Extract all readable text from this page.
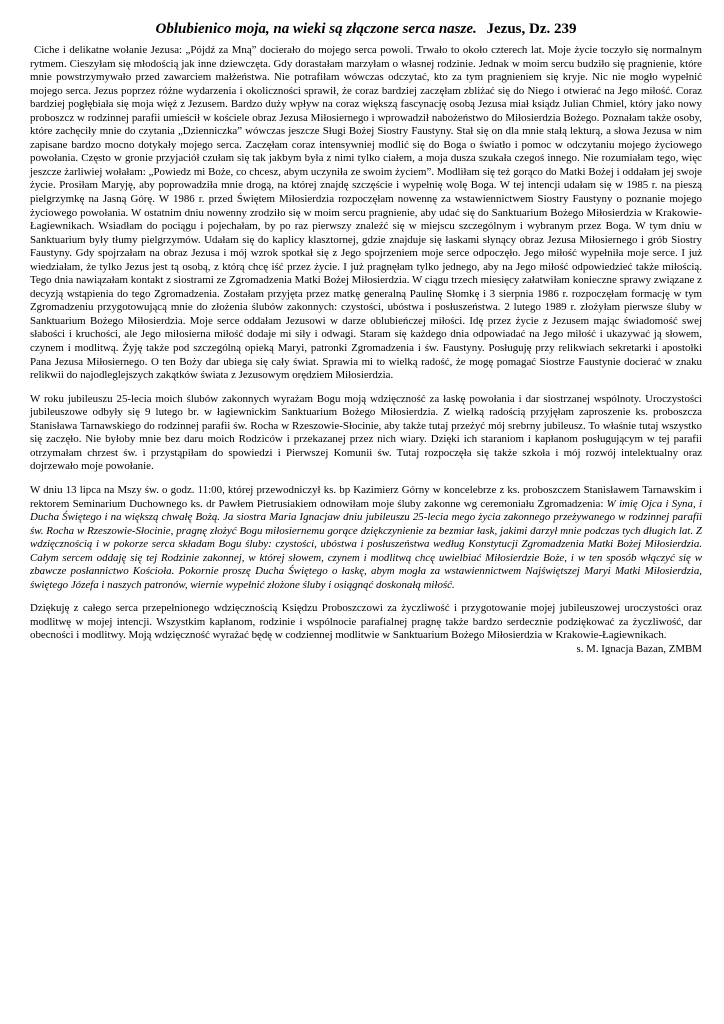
Oblubienico moja, na wieki są złączone serca nasze. Jezus, Dz. 239

Ciche i delikatne wołanie Jezusa: „Pójdź za Mną” docierało do mojego serca powoli. Trwało to około czterech lat. Moje życie toczyło się normalnym rytmem. Cieszyłam się młodością jak inne dziewczęta. Gdy dorastałam marzyłam o własnej rodzinie. Jednak w moim sercu budziło się pragnienie, które mnie powstrzymywało przed zawarciem małżeństwa. Nie potrafiłam wówczas odczytać, kto za tym pragnieniem się kryje. Nic nie mogło wypełnić mojego serca. Jezus poprzez różne wydarzenia i okoliczności sprawił, że coraz bardziej zaczęłam zbliżać się do Niego i otwierać na Jego miłość. Coraz bardziej pogłębiała się moja więź z Jezusem. Bardzo duży wpływ na coraz większą fascynację osobą Jezusa miał ksiądz Julian Chmiel, który jako nowy proboszcz w rodzinnej parafii umieścił w kościele obraz Jezusa Miłosiernego i wprowadził nabożeństwo do Miłosierdzia Bożego. Poznałam także osoby, które zachęciły mnie do czytania „Dzienniczka” wówczas jeszcze Sługi Bożej Siostry Faustyny. Stał się on dla mnie stałą lekturą, a słowa Jezusa w nim zapisane bardzo mocno dotykały mojego serca. Zaczęłam coraz intensywniej modlić się do Boga o światło i pomoc w odczytaniu mojego życiowego powołania. Często w gronie przyjaciół czułam się tak jakbym była z nimi tylko ciałem, a moja dusza szukała czegoś innego. Nie rozumiałam tego, więc jeszcze żarliwiej wołałam: „Powiedz mi Boże, co chcesz, abym uczyniła ze swoim życiem”. Modliłam się też gorąco do Matki Bożej i oddałam jej swoje życie. Prosiłam Maryję, aby poprowadziła mnie drogą, na której znajdę szczęście i wypełnię wolę Boga. W tej intencji udałam się w 1985 r. na pieszą pielgrzymkę na Jasną Górę. W 1986 r. przed Świętem Miłosierdzia rozpoczęłam nowennę za wstawiennictwem Siostry Faustyny o poznanie mojego życiowego powołania. W ostatnim dniu nowenny zrodziło się w moim sercu pragnienie, aby udać się do Sanktuarium Bożego Miłosierdzia w Krakowie-Łagiewnikach. Wsiadłam do pociągu i pojechałam, by po raz pierwszy znaleźć się w miejscu szczególnym i wybranym przez Boga. W tym dniu w Sanktuarium były tłumy pielgrzymów. Udałam się do kaplicy klasztornej, gdzie znajduje się łaskami słynący obraz Jezusa Miłosiernego i grób Siostry Faustyny. Gdy spojrzałam na obraz Jezusa i mój wzrok spotkał się z Jego spojrzeniem moje serce odpoczęło. Jego miłość wypełniła moje serce. I już wiedziałam, że tylko Jezus jest tą osobą, z którą chcę iść przez życie. I już pragnęłam tylko jednego, aby na Jego miłość odpowiedzieć także miłością. Tego dnia nawiązałam kontakt z siostrami ze Zgromadzenia Matki Bożej Miłosierdzia. W ciągu trzech miesięcy załatwiłam konieczne sprawy związane z decyzją wstąpienia do tego Zgromadzenia. Zostałam przyjęta przez matkę generalną Paulinę Słomkę i 3 sierpnia 1986 r. rozpoczęłam formację w tym Zgromadzeniu przygotowującą mnie do złożenia ślubów zakonnych: czystości, ubóstwa i posłuszeństwa. 2 lutego 1989 r. złożyłam pierwsze śluby w Sanktuarium Bożego Miłosierdzia. Moje serce oddałam Jezusowi w darze oblubieńczej miłości. Idę przez życie z Jezusem mając świadomość swej słabości i kruchości, ale Jego miłosierna miłość dodaje mi siły i odwagi. Staram się każdego dnia odpowiadać na Jego miłość i ukazywać ją słowem, czynem i modlitwą. Żyję także pod szczególną opieką Maryi, patronki Zgromadzenia i św. Faustyny. Posługuję przy relikwiach sekretarki i apostołki Pana Jezusa Miłosiernego. O ten Boży dar ubiega się cały świat. Sprawia mi to wielką radość, że mogę pomagać Siostrze Faustynie docierać w znaku relikwii do najodleglejszych zakątków świata z Jezusowym orędziem Miłosierdzia.

W roku jubileuszu 25-lecia moich ślubów zakonnych wyrażam Bogu moją wdzięczność za łaskę powołania i dar siostrzanej wspólnoty. Uroczystości jubileuszowe odbyły się 9 lutego br. w łagiewnickim Sanktuarium Bożego Miłosierdzia. Z wielką radością przyjęłam zaproszenie ks. proboszcza Stanisława Tarnawskiego do rodzinnej parafii św. Rocha w Rzeszowie-Słocinie, aby także tutaj przeżyć mój srebrny jubileusz. To właśnie tutaj wszystko się zaczęło. Nie byłoby mnie bez daru moich Rodziców i przekazanej przez nich wiary. Dzięki ich staraniom i kapłanom posługującym w tej parafii otrzymałam chrzest św. i przystąpiłam do spowiedzi i Pierwszej Komunii św. Tutaj rozpoczęła się także szkoła i mój rozwój intelektualny oraz dojrzewało moje powołanie.

W dniu 13 lipca na Mszy św. o godz. 11:00, której przewodniczył ks. bp Kazimierz Górny w koncelebrze z ks. proboszczem Stanisławem Tarnawskim i rektorem Seminarium Duchownego ks. dr Pawłem Pietrusiakiem odnowiłam moje śluby zakonne wg ceremoniału Zgromadzenia: W imię Ojca i Syna, i Ducha Świętego i na większą chwałę Bożą. Ja siostra Maria Ignacjaw dniu jubileuszu 25-lecia mego życia zakonnego przeżywanego w rodzinnej parafii św. Rocha w Rzeszowie-Słocinie, pragnę złożyć Bogu miłosiernemu gorące dziękczynienie za bezmiar łask, jakimi darzył mnie podczas tych długich lat. Z wdzięcznością i w pokorze serca składam Bogu śluby: czystości, ubóstwa i posłuszeństwa według Konstytucji Zgromadzenia Matki Bożej Miłosierdzia. Całym sercem oddaję się tej Rodzinie zakonnej, w której słowem, czynem i modlitwą chcę uwielbiać Miłosierdzie Boże, i w ten sposób włączyć się w zbawcze posłannictwo Kościoła. Pokornie proszę Ducha Świętego o łaskę, abym mogła za wstawiennictwem Najświętszej Maryi Matki Miłosierdzia, świętego Józefa i naszych patronów, wiernie wypełnić złożone śluby i osiągnąć doskonałą miłość.

Dziękuję z całego serca przepełnionego wdzięcznością Księdzu Proboszczowi za życzliwość i przygotowanie mojej jubileuszowej uroczystości oraz modlitwę w mojej intencji. Wszystkim kapłanom, rodzinie i wspólnocie parafialnej pragnę także bardzo serdecznie podziękować za życzliwość, dar obecności i modlitwy. Moją wdzięczność wyrażać będę w codziennej modlitwie w Sanktuarium Bożego Miłosierdzia w Krakowie-Łagiewnikach.

s. M. Ignacja Bazan, ZMBM
